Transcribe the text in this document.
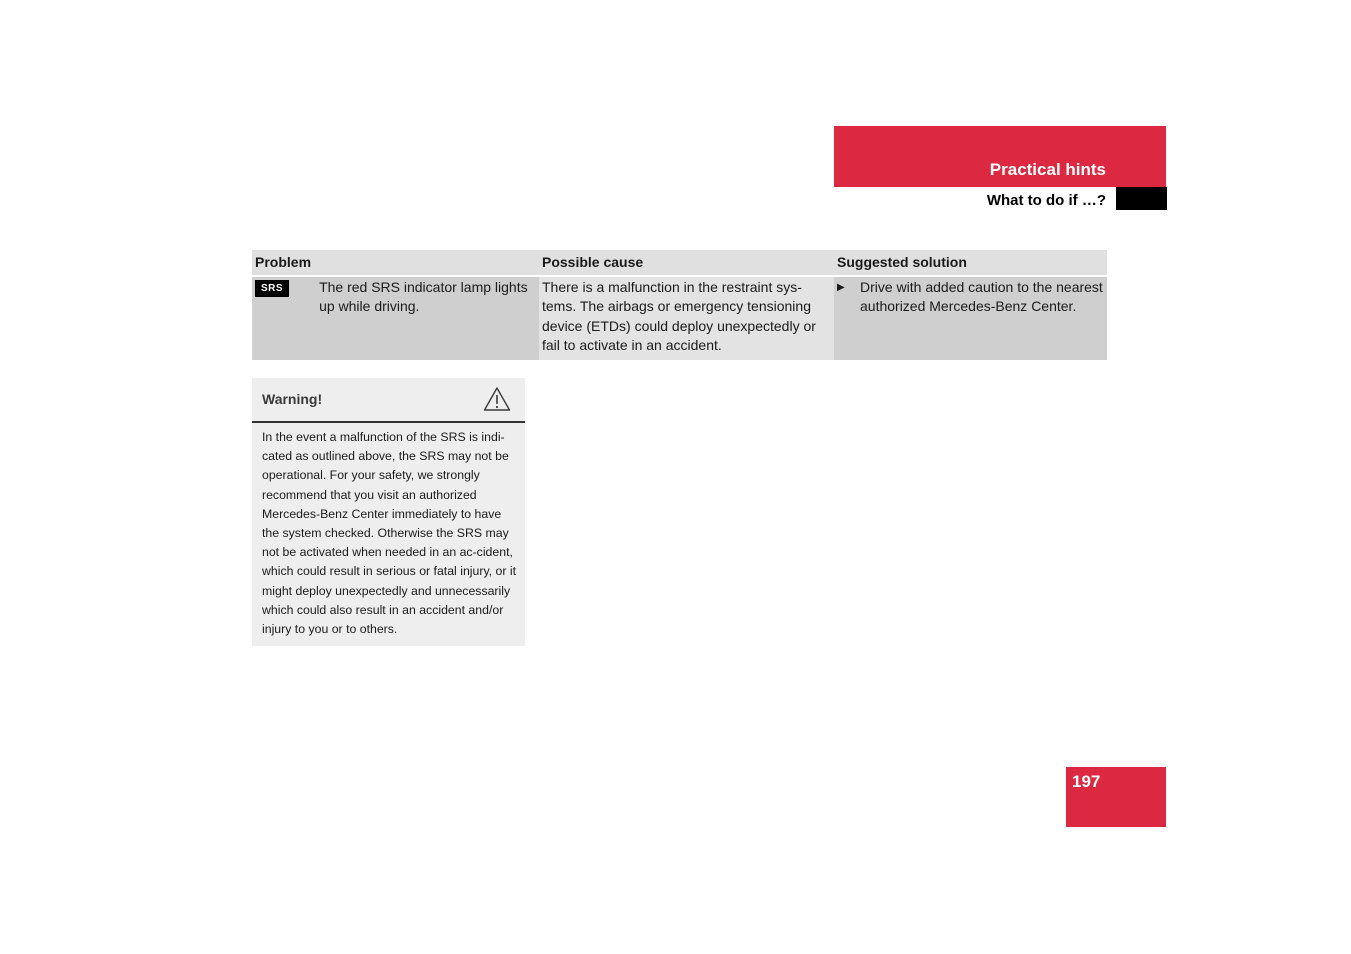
Practical hints
What to do if …?
Problem	Possible cause	Suggested solution

SRS The red SRS indicator lamp lights up while driving.	There is a malfunction in the restraint sys-tems. The airbags or emergency tensioning device (ETDs) could deploy unexpectedly or fail to activate in an accident.	▶ Drive with added caution to the nearest authorized Mercedes-Benz Center.
Warning!
In the event a malfunction of the SRS is indi-cated as outlined above, the SRS may not be operational. For your safety, we strongly recommend that you visit an authorized Mercedes-Benz Center immediately to have the system checked. Otherwise the SRS may not be activated when needed in an ac-cident, which could result in serious or fatal injury, or it might deploy unexpectedly and unnecessarily which could also result in an accident and/or injury to you or to others.
197
